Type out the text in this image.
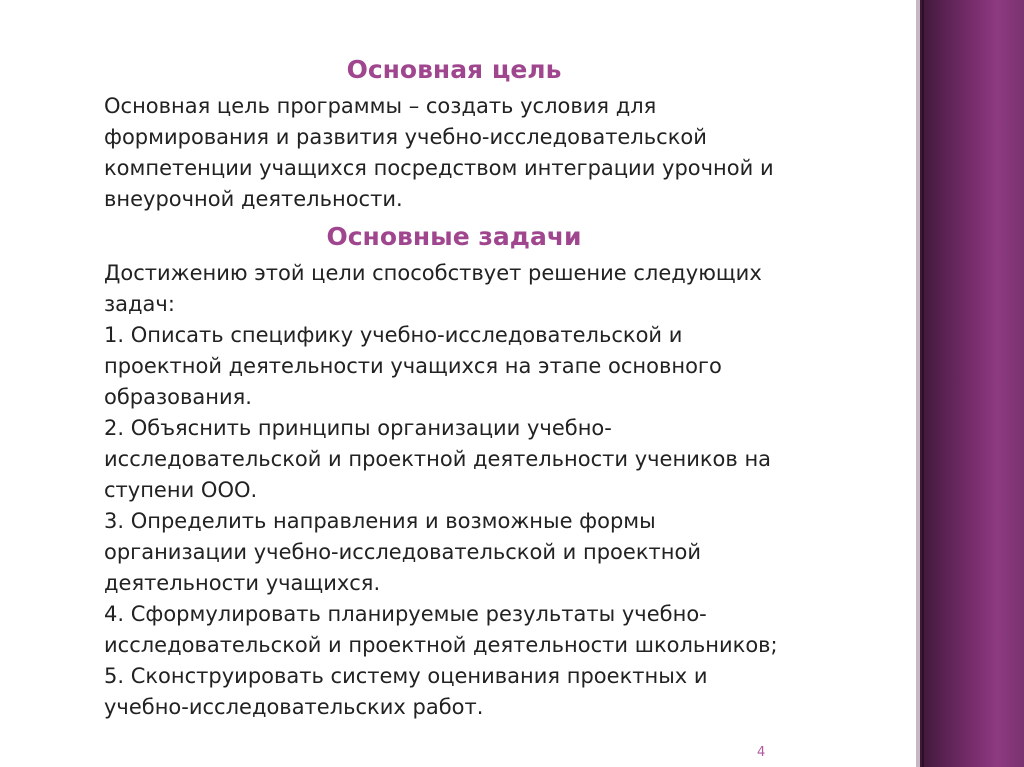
Основная цель
Основная цель программы – создать условия для
формирования и развития учебно-исследовательской
компетенции учащихся посредством интеграции урочной и
внеурочной деятельности.
Основные задачи
Достижению этой цели способствует решение следующих
задач:
1. Описать специфику учебно-исследовательской и
проектной деятельности учащихся на этапе основного
образования.
2. Объяснить принципы организации учебно-
исследовательской и проектной деятельности учеников на
ступени ООО.
3. Определить направления и возможные формы
организации учебно-исследовательской и проектной
деятельности учащихся.
4. Сформулировать планируемые результаты учебно-
исследовательской и проектной деятельности школьников;
5. Сконструировать систему оценивания проектных и
учебно-исследовательских работ.
4
